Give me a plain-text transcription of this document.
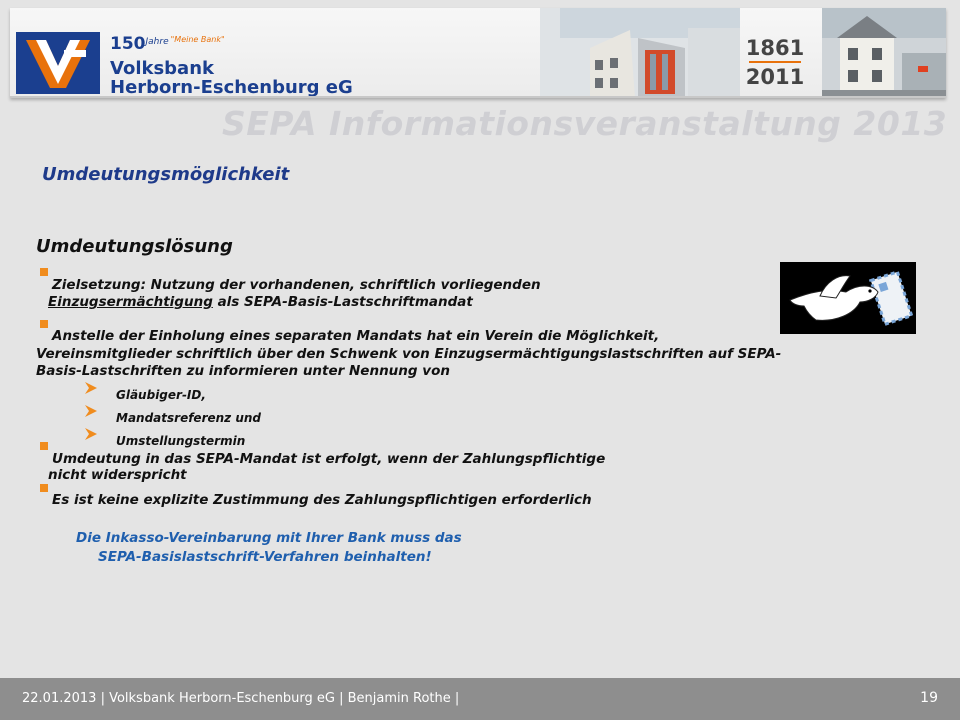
$150^{Jahre}$ $^{"Meine Bank"}$
Volksbank
Herborn-Eschenburg eG
1861
2011
SEPA Informationsveranstaltung 2013
Umdeutungsmöglichkeit
Umdeutungslösung
Zielsetzung: Nutzung der vorhandenen, schriftlich vorliegenden
Einzugsermächtigung als SEPA-Basis-Lastschriftmandat
Anstelle der Einholung eines separaten Mandats hat ein Verein die Möglichkeit,
Vereinsmitglieder schriftlich über den Schwenk von Einzugsermächtigungslastschriften auf SEPA-
Basis-Lastschriften zu informieren unter Nennung von
Gläubiger-ID,
Mandatsreferenz und
Umstellungstermin
Umdeutung in das SEPA-Mandat ist erfolgt, wenn der Zahlungspflichtige
nicht widerspricht
Es ist keine explizite Zustimmung des Zahlungspflichtigen erforderlich
Die Inkasso-Vereinbarung mit Ihrer Bank muss das
SEPA-Basislastschrift-Verfahren beinhalten!
22.01.2013 | Volksbank Herborn-Eschenburg eG | Benjamin Rothe |	19
